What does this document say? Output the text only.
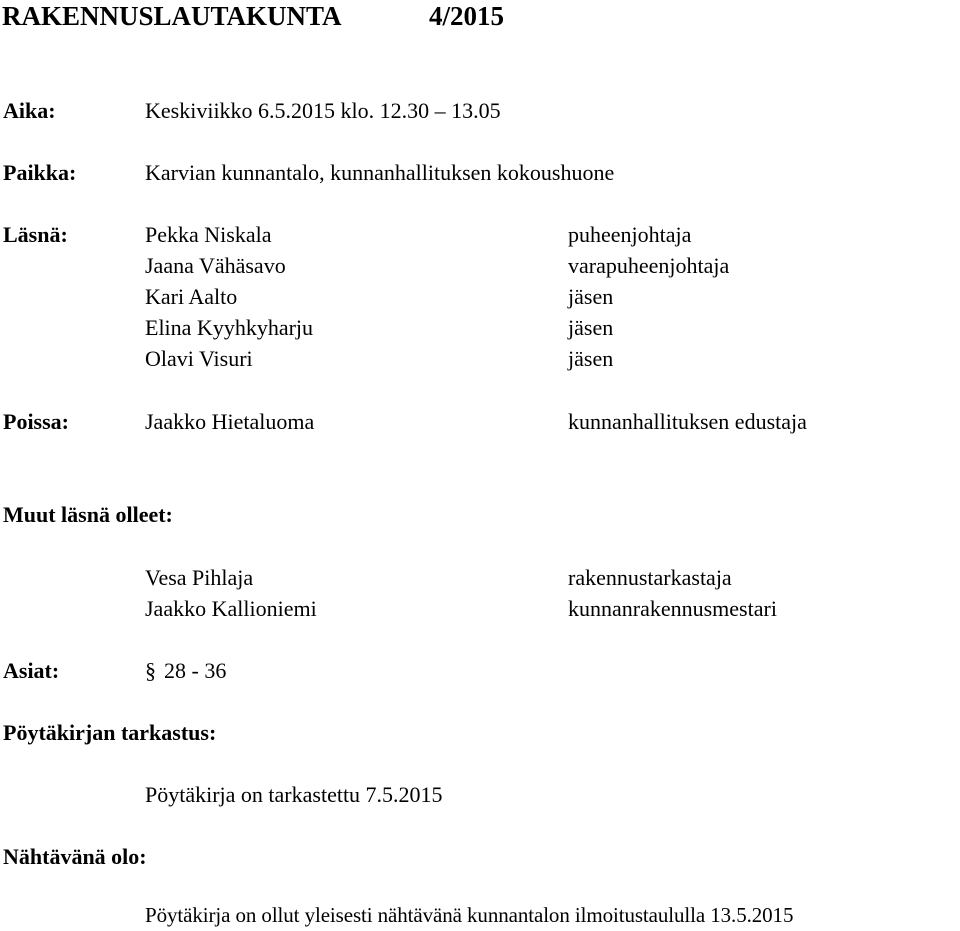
RAKENNUSLAUTAKUNTA	4/2015
Aika:	Keskiviikko 6.5.2015 klo. 12.30 – 13.05
Paikka:	Karvian kunnantalo, kunnanhallituksen kokoushuone
Läsnä:	Pekka Niskala	puheenjohtaja
Jaana Vähäsavo	varapuheenjohtaja
Kari Aalto	jäsen
Elina Kyyhkyharju	jäsen
Olavi Visuri	jäsen
Poissa:	Jaakko Hietaluoma	kunnanhallituksen edustaja
Muut läsnä olleet:
Vesa Pihlaja	rakennustarkastaja
Jaakko Kallioniemi	kunnanrakennusmestari
Asiat:	§ 28 - 36
Pöytäkirjan tarkastus:
Pöytäkirja on tarkastettu 7.5.2015
Nähtävänä olo:
Pöytäkirja on ollut yleisesti nähtävänä kunnantalon ilmoitustaululla 13.5.2015
